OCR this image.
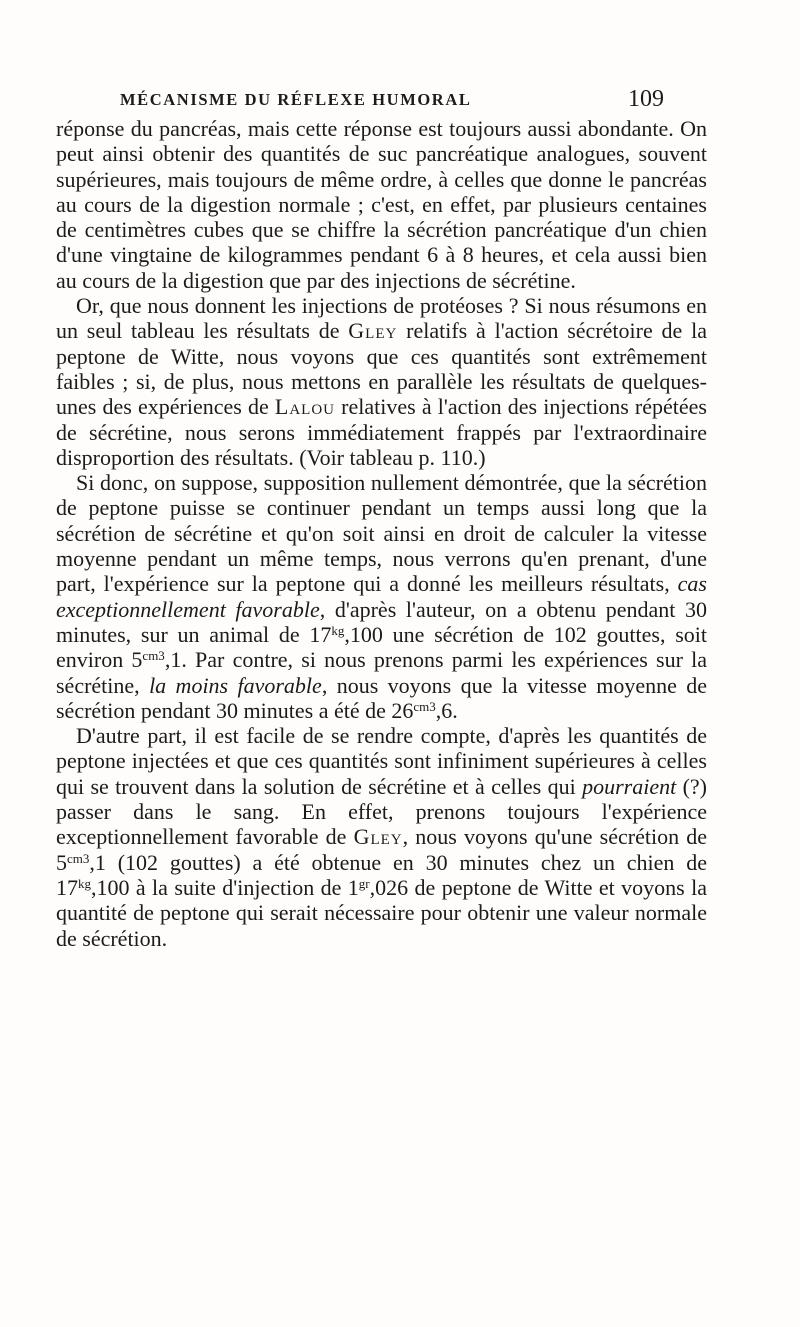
MÉCANISME DU RÉFLEXE HUMORAL	109

réponse du pancréas, mais cette réponse est toujours aussi abondante. On peut ainsi obtenir des quantités de suc pancréatique analogues, souvent supérieures, mais toujours de même ordre, à celles que donne le pancréas au cours de la digestion normale ; c'est, en effet, par plusieurs centaines de centimètres cubes que se chiffre la sécrétion pancréatique d'un chien d'une vingtaine de kilogrammes pendant 6 à 8 heures, et cela aussi bien au cours de la digestion que par des injections de sécrétine.

Or, que nous donnent les injections de protéoses ? Si nous résumons en un seul tableau les résultats de Gley relatifs à l'action sécrétoire de la peptone de Witte, nous voyons que ces quantités sont extrêmement faibles ; si, de plus, nous mettons en parallèle les résultats de quelques-unes des expériences de Lalou relatives à l'action des injections répétées de sécrétine, nous serons immédiatement frappés par l'extraordinaire disproportion des résultats. (Voir tableau p. 110.)

Si donc, on suppose, supposition nullement démontrée, que la sécrétion de peptone puisse se continuer pendant un temps aussi long que la sécrétion de sécrétine et qu'on soit ainsi en droit de calculer la vitesse moyenne pendant un même temps, nous verrons qu'en prenant, d'une part, l'expérience sur la peptone qui a donné les meilleurs résultats, cas exceptionnellement favorable, d'après l'auteur, on a obtenu pendant 30 minutes, sur un animal de $17^{kg},100$ une sécrétion de 102 gouttes, soit environ $5^{cm3},1$. Par contre, si nous prenons parmi les expériences sur la sécrétine, la moins favorable, nous voyons que la vitesse moyenne de sécrétion pendant 30 minutes a été de $26^{cm3},6$.

D'autre part, il est facile de se rendre compte, d'après les quantités de peptone injectées et que ces quantités sont infiniment supérieures à celles qui se trouvent dans la solution de sécrétine et à celles qui pourraient (?) passer dans le sang. En effet, prenons toujours l'expérience exceptionnellement favorable de Gley, nous voyons qu'une sécrétion de $5^{cm3},1$ (102 gouttes) a été obtenue en 30 minutes chez un chien de $17^{kg},100$ à la suite d'injection de $1^{gr},026$ de peptone de Witte et voyons la quantité de peptone qui serait nécessaire pour obtenir une valeur normale de sécrétion.
